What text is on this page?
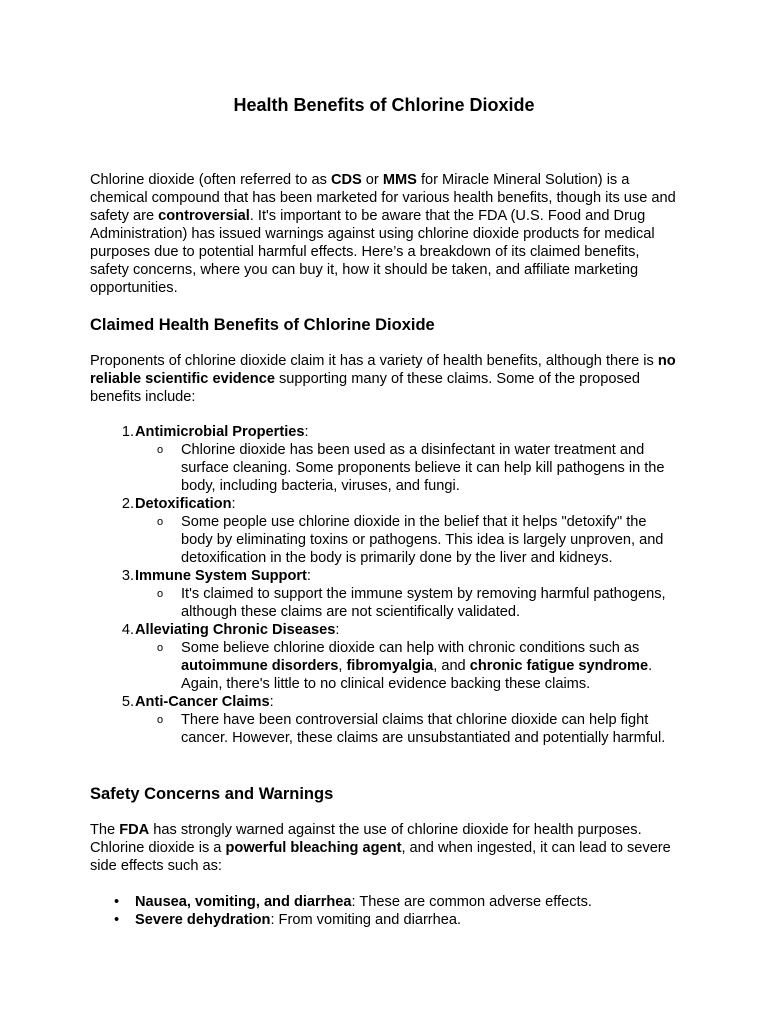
Health Benefits of Chlorine Dioxide

Chlorine dioxide (often referred to as CDS or MMS for Miracle Mineral Solution) is a chemical compound that has been marketed for various health benefits, though its use and safety are controversial. It's important to be aware that the FDA (U.S. Food and Drug Administration) has issued warnings against using chlorine dioxide products for medical purposes due to potential harmful effects. Here’s a breakdown of its claimed benefits, safety concerns, where you can buy it, how it should be taken, and affiliate marketing opportunities.

Claimed Health Benefits of Chlorine Dioxide

Proponents of chlorine dioxide claim it has a variety of health benefits, although there is no reliable scientific evidence supporting many of these claims. Some of the proposed benefits include:

1. Antimicrobial Properties:
o Chlorine dioxide has been used as a disinfectant in water treatment and surface cleaning. Some proponents believe it can help kill pathogens in the body, including bacteria, viruses, and fungi.
2. Detoxification:
o Some people use chlorine dioxide in the belief that it helps "detoxify" the body by eliminating toxins or pathogens. This idea is largely unproven, and detoxification in the body is primarily done by the liver and kidneys.
3. Immune System Support:
o It's claimed to support the immune system by removing harmful pathogens, although these claims are not scientifically validated.
4. Alleviating Chronic Diseases:
o Some believe chlorine dioxide can help with chronic conditions such as autoimmune disorders, fibromyalgia, and chronic fatigue syndrome. Again, there's little to no clinical evidence backing these claims.
5. Anti-Cancer Claims:
o There have been controversial claims that chlorine dioxide can help fight cancer. However, these claims are unsubstantiated and potentially harmful.
Safety Concerns and Warnings

The FDA has strongly warned against the use of chlorine dioxide for health purposes. Chlorine dioxide is a powerful bleaching agent, and when ingested, it can lead to severe side effects such as:

• Nausea, vomiting, and diarrhea: These are common adverse effects.
• Severe dehydration: From vomiting and diarrhea.
